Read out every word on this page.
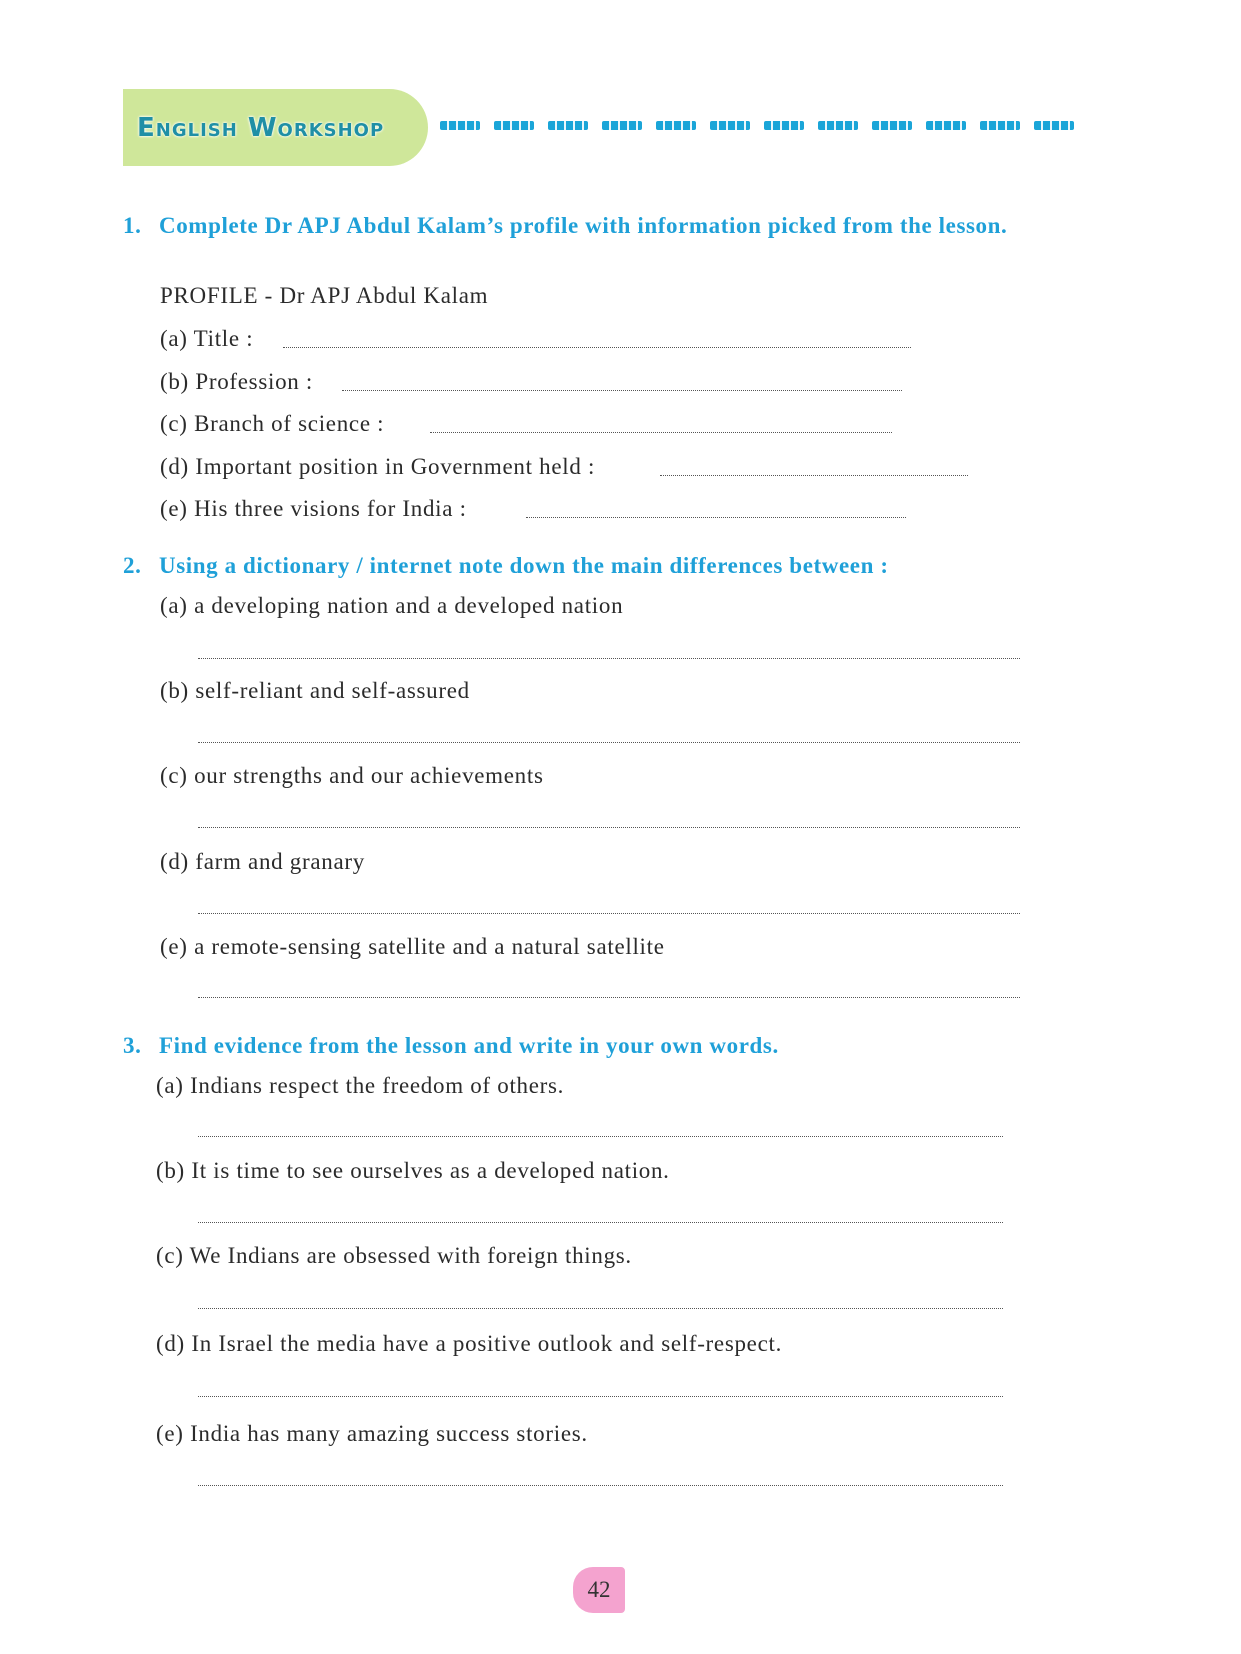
English Workshop
1. Complete Dr APJ Abdul Kalam’s profile with information picked from the lesson.
PROFILE - Dr APJ Abdul Kalam
(a) Title :
(b) Profession :
(c) Branch of science :
(d) Important position in Government held :
(e) His three visions for India :
2. Using a dictionary / internet note down the main differences between :
(a) a developing nation and a developed nation
(b) self-reliant and self-assured
(c) our strengths and our achievements
(d) farm and granary
(e) a remote-sensing satellite and a natural satellite
3. Find evidence from the lesson and write in your own words.
(a) Indians respect the freedom of others.
(b) It is time to see ourselves as a developed nation.
(c) We Indians are obsessed with foreign things.
(d) In Israel the media have a positive outlook and self-respect.
(e) India has many amazing success stories.
42
